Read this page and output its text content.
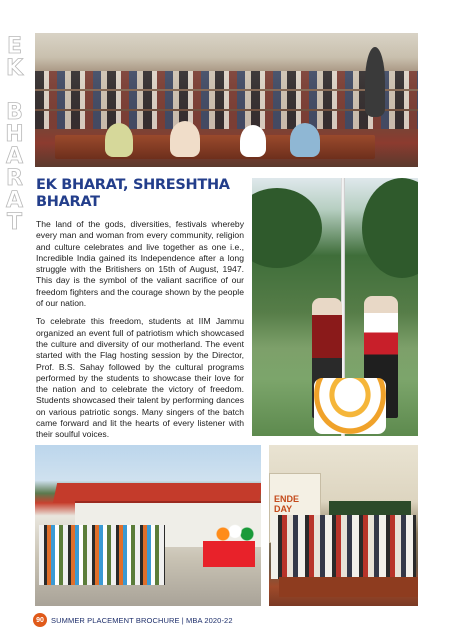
EK BHARAT
ENDE
DAY
EK BHARAT, SHRESHTHA BHARAT

The land of the gods, diversities, festivals whereby every man and woman from every community, religion and culture celebrates and live together as one i.e., Incredible India gained its Independence after a long struggle with the Britishers on 15th of August, 1947. This day is the symbol of the valiant sacrifice of our freedom fighters and the courage shown by the people of our nation.

To celebrate this freedom, students at IIM Jammu organized an event full of patriotism which showcased the culture and diversity of our motherland. The event started with the Flag hosting session by the Director, Prof. B.S. Sahay followed by the cultural programs performed by the students to showcase their love for the nation and to celebrate the victory of freedom. Students showcased their talent by performing dances on various patriotic songs. Many singers of the batch came forward and lit the hearts of every listener with their soulful voices.

90 SUMMER PLACEMENT BROCHURE | MBA 2020-22
